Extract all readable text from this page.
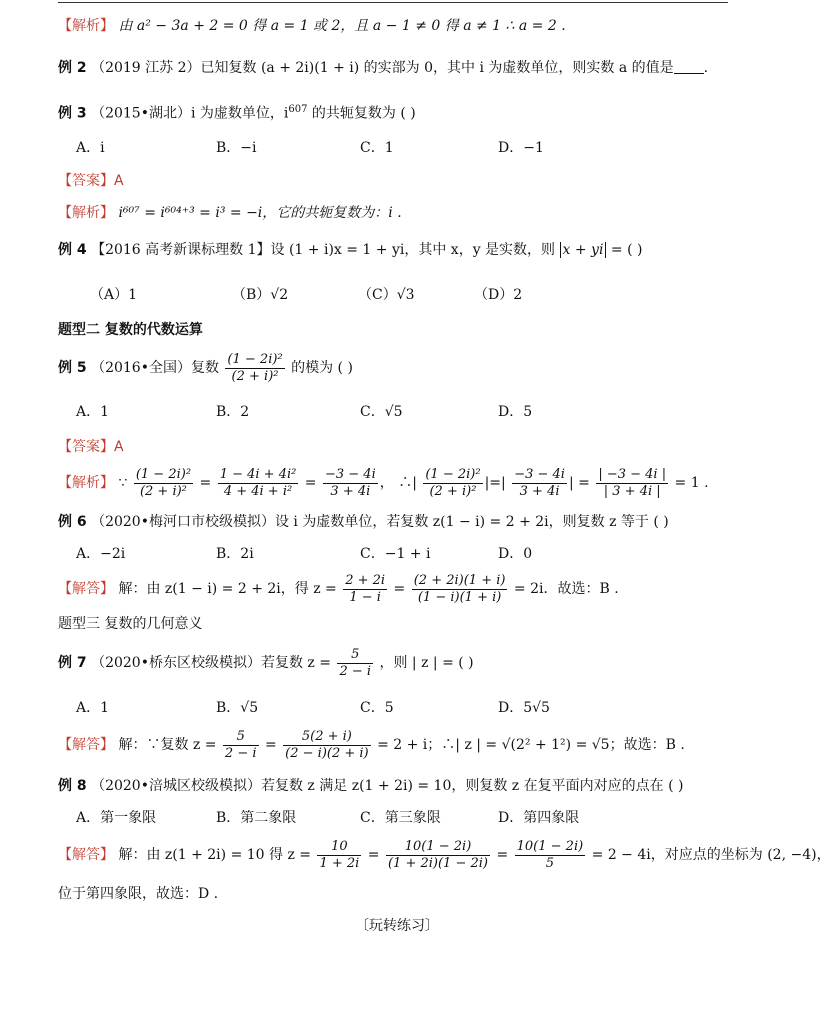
【解析】 由 a² − 3a + 2 = 0 得 a = 1 或 2，且 a − 1 ≠ 0 得 a ≠ 1 ∴ a = 2 .
例 2 （2019 江苏 2）已知复数 (a + 2i)(1 + i) 的实部为 0，其中 i 为虚数单位，则实数 a 的值是 .
例 3 （2015•湖北）i 为虚数单位，$i^{607}$ 的共轭复数为 ( )
A．i	B．−i	C．1	D．−1
【答案】A
【解析】 i⁶⁰⁷ = i⁶⁰⁴⁺³ = i³ = −i，它的共轭复数为：i .
例 4 【2016 高考新课标理数 1】设 (1 + i)x = 1 + yi，其中 x，y 是实数，则 x + yi = ( )
（A）1	（B）√2	（C）√3	（D）2
题型二 复数的代数运算
例 5 （2016•全国）复数 $\frac{\text{(1 − 2i)²}}{\text{(2 + i)²}}$ 的模为 ( )
A．1	B．2	C．√5	D．5
【答案】A
【解析】 ∵ $\frac{\text{(1 − 2i)²}}{\text{(2 + i)²}} = \frac{\text{1 − 4i + 4i²}}{\text{4 + 4i + i²}} = \frac{-3 - 4i}{3 + 4i}$ ， ∴| $\frac{\text{(1 − 2i)²}}{\text{(2 + i)²}}$ |=| $\frac{-3 - 4i}{3 + 4i}$ | = $\frac{| -3 - 4i |}{| 3 + 4i |} = 1$ .
例 6 （2020•梅河口市校级模拟）设 i 为虚数单位，若复数 z(1 − i) = 2 + 2i，则复数 z 等于 ( )
A．−2i	B．2i	C．−1 + i	D．0
【解答】 解：由 z(1 − i) = 2 + 2i，得 $z = \frac{2 + 2i}{1 - i} = \frac{(2 + 2i)(1 + i)}{(1 - i)(1 + i)} = 2i$．故选：B .
题型三 复数的几何意义
例 7 （2020•桥东区校级模拟）若复数 $z = \frac{5}{2 - i}$ ，则 | z | = ( )
A．1	B．√5	C．5	D．5√5
【解答】 解：∵复数 $z = \frac{5}{2 - i} = \frac{5(2 + i)}{(2 - i)(2 + i)} = 2 + i$；∴| z | = √(2² + 1²) = √5；故选：B .
例 8 （2020•涪城区校级模拟）若复数 z 满足 z(1 + 2i) = 10，则复数 z 在复平面内对应的点在 ( )
A．第一象限	B．第二象限	C．第三象限	D．第四象限
【解答】 解：由 z(1 + 2i) = 10 得 $z = \frac{10}{1 + 2i} = \frac{10(1 - 2i)}{(1 + 2i)(1 - 2i)} = \frac{10(1 - 2i)}{5} = 2 - 4i$，对应点的坐标为 (2, −4)，
位于第四象限，故选：D .
〔玩转练习〕
